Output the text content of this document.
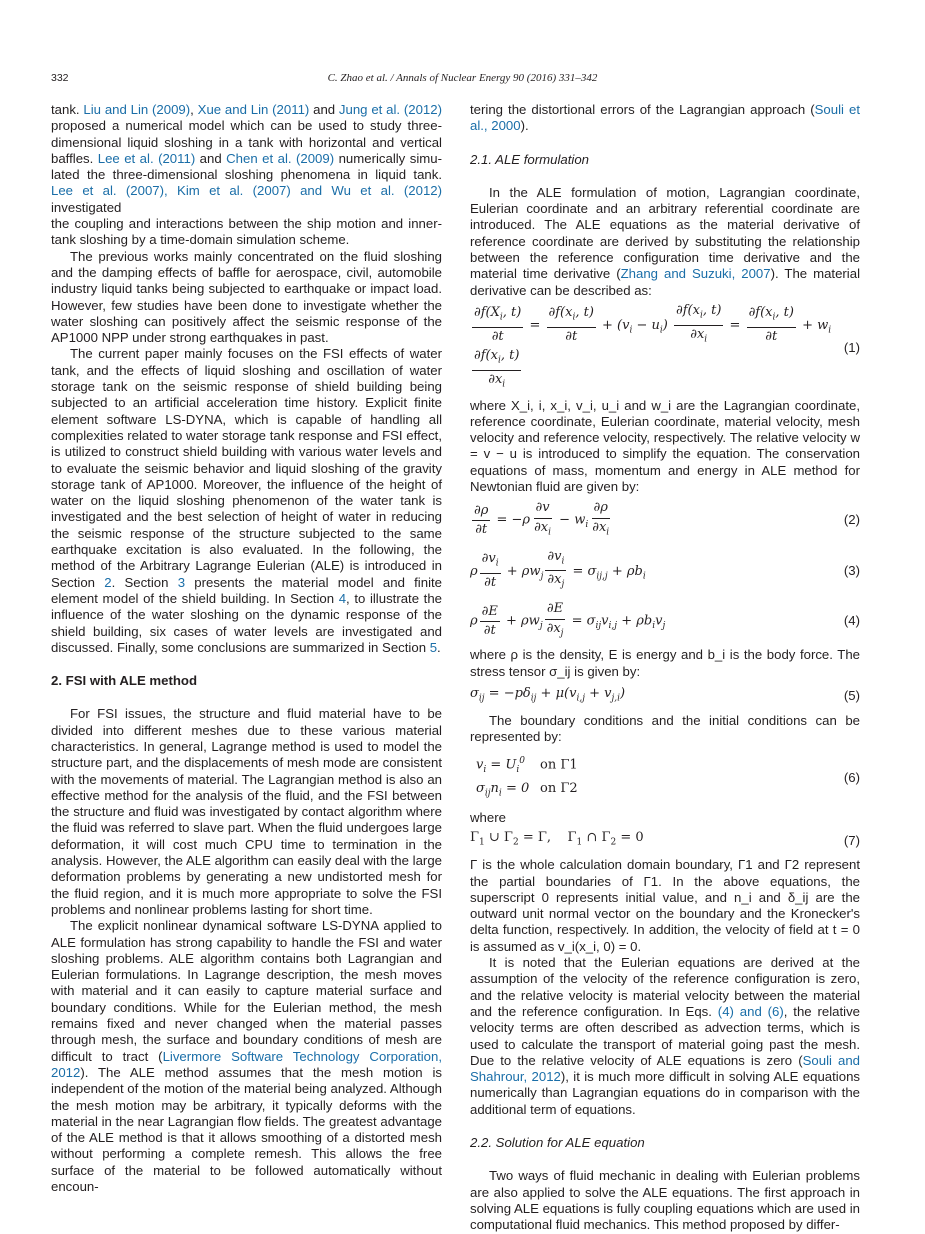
332	C. Zhao et al. / Annals of Nuclear Energy 90 (2016) 331–342

tank. Liu and Lin (2009), Xue and Lin (2011) and Jung et al. (2012)

proposed a numerical model which can be used to study three-

dimensional liquid sloshing in a tank with horizontal and vertical

baffles. Lee et al. (2011) and Chen et al. (2009) numerically simu-

lated the three-dimensional sloshing phenomena in liquid tank.

Lee et al. (2007), Kim et al. (2007) and Wu et al. (2012) investigated

the coupling and interactions between the ship motion and inner-

tank sloshing by a time-domain simulation scheme.

The previous works mainly concentrated on the fluid sloshing and the damping effects of baffle for aerospace, civil, automobile industry liquid tanks being subjected to earthquake or impact load. However, few studies have been done to investigate whether the water sloshing can positively affect the seismic response of the AP1000 NPP under strong earthquakes in past.

The current paper mainly focuses on the FSI effects of water tank, and the effects of liquid sloshing and oscillation of water storage tank on the seismic response of shield building being subjected to an artificial acceleration time history. Explicit finite element software LS-DYNA, which is capable of handling all complexities related to water storage tank response and FSI effect, is utilized to construct shield building with various water levels and to evaluate the seismic behavior and liquid sloshing of the gravity storage tank of AP1000. Moreover, the influence of the height of water on the liquid sloshing phenomenon of the water tank is investigated and the best selection of height of water in reducing the seismic response of the structure subjected to the same earthquake excitation is also evaluated. In the following, the method of the Arbitrary Lagrange Eulerian (ALE) is introduced in Section 2. Section 3 presents the material model and finite element model of the shield building. In Section 4, to illustrate the influence of the water sloshing on the dynamic response of the shield building, six cases of water levels are investigated and discussed. Finally, some conclusions are summarized in Section 5.

2. FSI with ALE method

For FSI issues, the structure and fluid material have to be divided into different meshes due to these various material characteristics. In general, Lagrange method is used to model the structure part, and the displacements of mesh mode are consistent with the movements of material. The Lagrangian method is also an effective method for the analysis of the fluid, and the FSI between the structure and fluid was investigated by contact algorithm where the fluid was referred to slave part. When the fluid undergoes large deformation, it will cost much CPU time to termination in the analysis. However, the ALE algorithm can easily deal with the large deformation problems by generating a new undistorted mesh for the fluid region, and it is much more appropriate to solve the FSI problems and nonlinear problems lasting for short time.

The explicit nonlinear dynamical software LS-DYNA applied to ALE formulation has strong capability to handle the FSI and water sloshing problems. ALE algorithm contains both Lagrangian and Eulerian formulations. In Lagrange description, the mesh moves with material and it can easily to capture material surface and boundary conditions. While for the Eulerian method, the mesh remains fixed and never changed when the material passes through mesh, the surface and boundary conditions of mesh are difficult to tract (Livermore Software Technology Corporation, 2012). The ALE method assumes that the mesh motion is independent of the motion of the material being analyzed. Although the mesh motion may be arbitrary, it typically deforms with the material in the near Lagrangian flow fields. The greatest advantage of the ALE method is that it allows smoothing of a distorted mesh without performing a complete remesh. This allows the free surface of the material to be followed automatically without encoun-

tering the distortional errors of the Lagrangian approach (Souli et al., 2000).

2.1. ALE formulation

In the ALE formulation of motion, Lagrangian coordinate, Eulerian coordinate and an arbitrary referential coordinate are introduced. The ALE equations as the material derivative of reference coordinate are derived by substituting the relationship between the reference configuration time derivative and the material time derivative (Zhang and Suzuki, 2007). The material derivative can be described as:

$\frac{\partial f(X_i, t)}{\partial t} = \frac{\partial f(x_i, t)}{\partial t} + (v_i - u_i) \frac{\partial f(x_i, t)}{\partial x_i} = \frac{\partial f(x_i, t)}{\partial t} + w_i$
$\frac{\partial f(x_i, t)}{\partial x_i}$
(1)

where X_i, i, x_i, v_i, u_i and w_i are the Lagrangian coordinate, reference coordinate, Eulerian coordinate, material velocity, mesh velocity and reference velocity, respectively. The relative velocity w = v − u is introduced to simplify the equation. The conservation equations of mass, momentum and energy in ALE method for Newtonian fluid are given by:

$\frac{\partial\rho}{\partial t} = -\rho \frac{\partial v}{\partial x_i} - w_i \frac{\partial\rho}{\partial x_i}$	(2)
ρ $\frac{\partial v_i}{\partial t} + \rho w_j \frac{\partial v_i}{\partial x_j} = \sigma_{ij,j} + \rho b_i$	(3)
ρ $\frac{\partial E}{\partial t} + \rho w_j \frac{\partial E}{\partial x_j} = \sigma_{ij}v_{i,j} + \rho b_iv_j$	(4)

where ρ is the density, E is energy and b_i is the body force. The stress tensor σ_ij is given by:

$\sigma_{ij} = -p\delta_{ij} + \mu(v_{i,j} + v_{j,i})$	(5)

The boundary conditions and the initial conditions can be represented by:

$v_i = U_i^0$ on Γ1
$\sigma_{ij}n_i = 0$ on Γ2
(6)

where

$\Gamma_1$ ∪ $\Gamma_2 = \Gamma$,    $\Gamma_1$ ∩ $\Gamma_2 = 0$	(7)

Γ is the whole calculation domain boundary, Γ1 and Γ2 represent the partial boundaries of Γ1. In the above equations, the superscript 0 represents initial value, and n_i and δ_ij are the outward unit normal vector on the boundary and the Kronecker's delta function, respectively. In addition, the velocity of field at t = 0 is assumed as v_i(x_i, 0) = 0.

It is noted that the Eulerian equations are derived at the assumption of the velocity of the reference configuration is zero, and the relative velocity is material velocity between the material and the reference configuration. In Eqs. (4) and (6), the relative velocity terms are often described as advection terms, which is used to calculate the transport of material going past the mesh. Due to the relative velocity of ALE equations is zero (Souli and Shahrour, 2012), it is much more difficult in solving ALE equations numerically than Lagrangian equations do in comparison with the additional term of equations.

2.2. Solution for ALE equation

Two ways of fluid mechanic in dealing with Eulerian problems are also applied to solve the ALE equations. The first approach in solving ALE equations is fully coupling equations which are used in computational fluid mechanics. This method proposed by differ-
